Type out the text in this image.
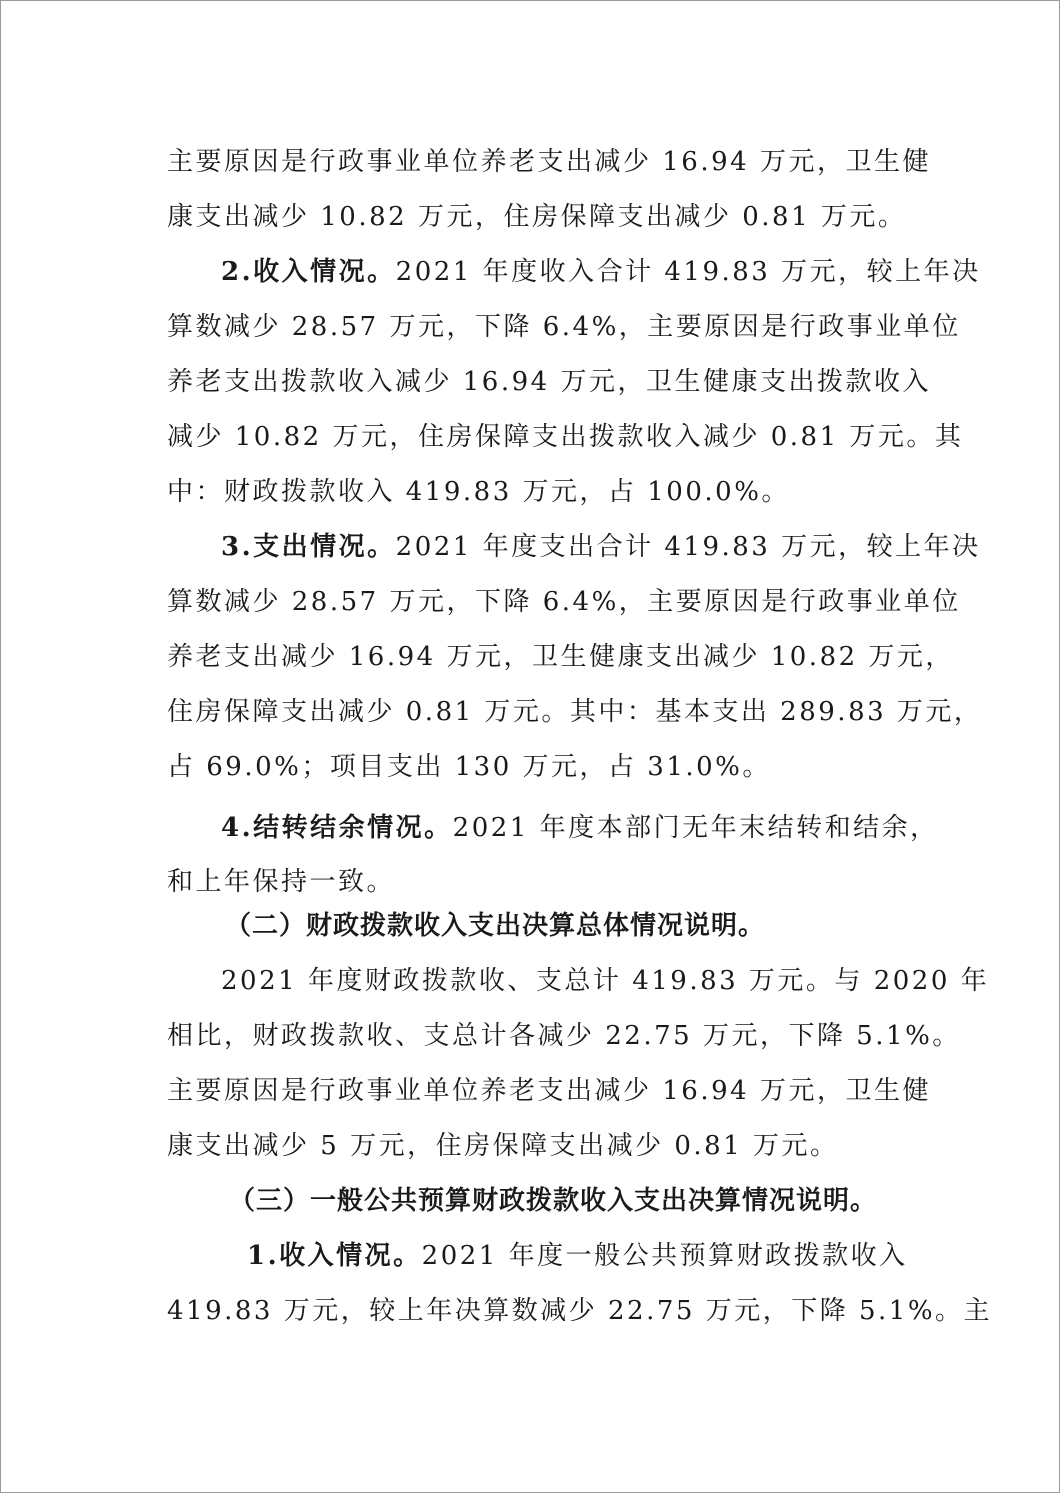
主要原因是行政事业单位养老支出减少 16.94 万元，卫生健
康支出减少 10.82 万元，住房保障支出减少 0.81 万元。
2.收入情况。2021 年度收入合计 419.83 万元，较上年决
算数减少 28.57 万元，下降 6.4%，主要原因是行政事业单位
养老支出拨款收入减少 16.94 万元，卫生健康支出拨款收入
减少 10.82 万元，住房保障支出拨款收入减少 0.81 万元。其
中：财政拨款收入 419.83 万元，占 100.0%。
3.支出情况。2021 年度支出合计 419.83 万元，较上年决
算数减少 28.57 万元，下降 6.4%，主要原因是行政事业单位
养老支出减少 16.94 万元，卫生健康支出减少 10.82 万元，
住房保障支出减少 0.81 万元。其中：基本支出 289.83 万元，
占 69.0%；项目支出 130 万元，占 31.0%。
4.结转结余情况。2021 年度本部门无年末结转和结余，
和上年保持一致。
（二）财政拨款收入支出决算总体情况说明。
2021 年度财政拨款收、支总计 419.83 万元。与 2020 年
相比，财政拨款收、支总计各减少 22.75 万元，下降 5.1%。
主要原因是行政事业单位养老支出减少 16.94 万元，卫生健
康支出减少 5 万元，住房保障支出减少 0.81 万元。
（三）一般公共预算财政拨款收入支出决算情况说明。
1.收入情况。2021 年度一般公共预算财政拨款收入
419.83 万元，较上年决算数减少 22.75 万元，下降 5.1%。主
